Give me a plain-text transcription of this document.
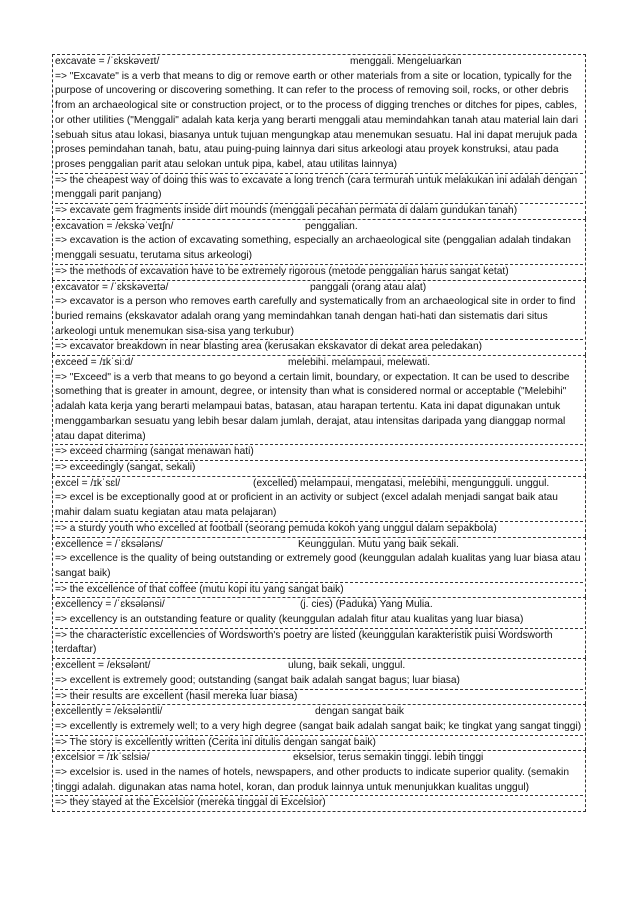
excavate = /ˈɛkskəveɪt/	menggali. Mengeluarkan
=> "Excavate" is a verb that means to dig or remove earth or other materials from a site or location, typically for the purpose of uncovering or discovering something. It can refer to the process of removing soil, rocks, or other debris from an archaeological site or construction project, or to the process of digging trenches or ditches for pipes, cables, or other utilities ("Menggali" adalah kata kerja yang berarti menggali atau memindahkan tanah atau material lain dari sebuah situs atau lokasi, biasanya untuk tujuan mengungkap atau menemukan sesuatu. Hal ini dapat merujuk pada proses pemindahan tanah, batu, atau puing-puing lainnya dari situs arkeologi atau proyek konstruksi, atau pada proses penggalian parit atau selokan untuk pipa, kabel, atau utilitas lainnya)
=> the cheapest way of doing this was to excavate a long trench (cara termurah untuk melakukan ini adalah dengan menggali parit panjang)
=> excavate gem fragments inside dirt mounds (menggali pecahan permata di dalam gundukan tanah)
excavation = /ekskəˈveɪʃn/	penggalian.
=> excavation is the action of excavating something, especially an archaeological site (penggalian adalah tindakan menggali sesuatu, terutama situs arkeologi)
=> the methods of excavation have to be extremely rigorous (metode penggalian harus sangat ketat)
excavator = /ˈɛkskəveɪtə/	panggali (orang atau alat)
=> excavator is a person who removes earth carefully and systematically from an archaeological site in order to find buried remains (ekskavator adalah orang yang memindahkan tanah dengan hati-hati dan sistematis dari situs arkeologi untuk menemukan sisa-sisa yang terkubur)
=> excavator breakdown in near blasting area (kerusakan ekskavator di dekat area peledakan)
exceed = /ɪkˈsiːd/	melebihi. melampaui, melewati.
=> "Exceed" is a verb that means to go beyond a certain limit, boundary, or expectation. It can be used to describe something that is greater in amount, degree, or intensity than what is considered normal or acceptable ("Melebihi" adalah kata kerja yang berarti melampaui batas, batasan, atau harapan tertentu. Kata ini dapat digunakan untuk menggambarkan sesuatu yang lebih besar dalam jumlah, derajat, atau intensitas daripada yang dianggap normal atau dapat diterima)
=> exceed charming (sangat menawan hati)
=> exceedingly (sangat, sekali)
excel = /ɪkˈsɛl/	(excelled) melampaui, mengatasi, melebihi, mengungguli. unggul.
=> excel is be exceptionally good at or proficient in an activity or subject (excel adalah menjadi sangat baik atau mahir dalam suatu kegiatan atau mata pelajaran)
=> a sturdy youth who excelled at football (seorang pemuda kokoh yang unggul dalam sepakbola)
excellence = /ˈɛksələns/	Keunggulan. Mutu yang baik sekali.
=> excellence is the quality of being outstanding or extremely good (keunggulan adalah kualitas yang luar biasa atau sangat baik)
=> the excellence of that coffee (mutu kopi itu yang sangat baik)
excellency = /ˈɛksələnsi/	(j. cies) (Paduka) Yang Mulia.
=> excellency is an outstanding feature or quality (keunggulan adalah fitur atau kualitas yang luar biasa)
=> the characteristic excellencies of Wordsworth's poetry are listed (keunggulan karakteristik puisi Wordsworth terdaftar)
excellent = /eksələnt/	ulung, baik sekali, unggul.
=> excellent is extremely good; outstanding (sangat baik adalah sangat bagus; luar biasa)
=> their results are excellent (hasil mereka luar biasa)
excellently = /eksələntli/	dengan sangat baik
=> excellently is extremely well; to a very high degree (sangat baik adalah sangat baik; ke tingkat yang sangat tinggi)
=> The story is excellently written (Cerita ini ditulis dengan sangat baik)
excelsior = /ɪkˈsɛlsiə/	ekselsior, terus semakin tinggi. lebih tinggi
=> excelsior is. used in the names of hotels, newspapers, and other products to indicate superior quality. (semakin tinggi adalah. digunakan atas nama hotel, koran, dan produk lainnya untuk menunjukkan kualitas unggul)
=> they stayed at the Excelsior (mereka tinggal di Excelsior)
